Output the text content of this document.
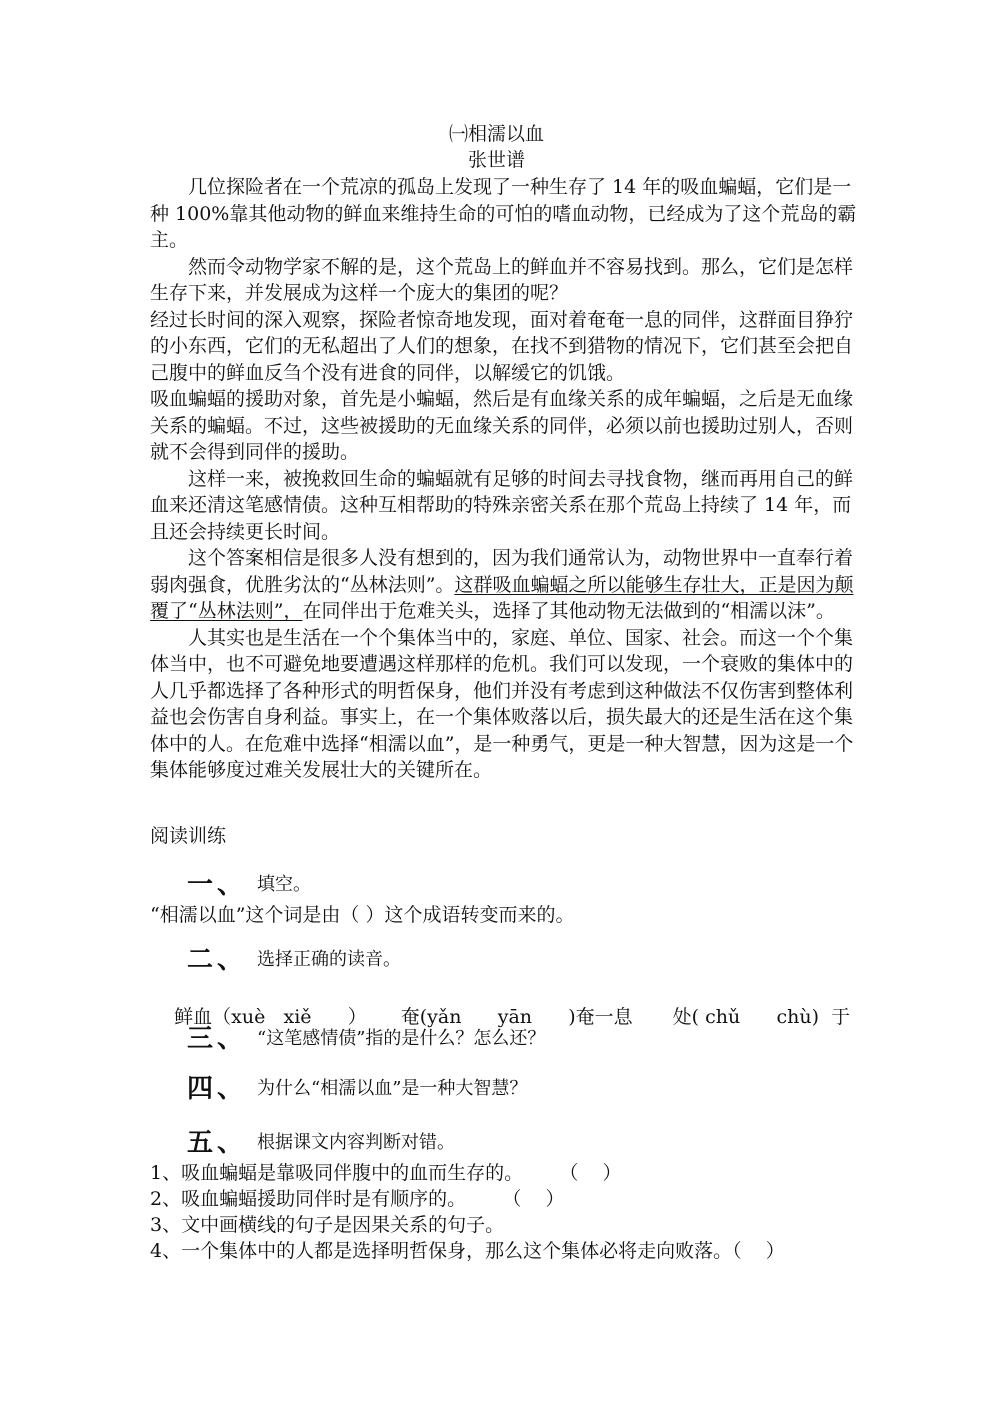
㈠相濡以血
张世谱

几位探险者在一个荒凉的孤岛上发现了一种生存了 14 年的吸血蝙蝠，它们是一种 100%靠其他动物的鲜血来维持生命的可怕的嗜血动物，已经成为了这个荒岛的霸主。

然而令动物学家不解的是，这个荒岛上的鲜血并不容易找到。那么，它们是怎样生存下来，并发展成为这样一个庞大的集团的呢？

经过长时间的深入观察，探险者惊奇地发现，面对着奄奄一息的同伴，这群面目狰狞的小东西，它们的无私超出了人们的想象，在找不到猎物的情况下，它们甚至会把自己腹中的鲜血反刍个没有进食的同伴，以解缓它的饥饿。

吸血蝙蝠的援助对象，首先是小蝙蝠，然后是有血缘关系的成年蝙蝠，之后是无血缘关系的蝙蝠。不过，这些被援助的无血缘关系的同伴，必须以前也援助过别人，否则就不会得到同伴的援助。

这样一来，被挽救回生命的蝙蝠就有足够的时间去寻找食物，继而再用自己的鲜血来还清这笔感情债。这种互相帮助的特殊亲密关系在那个荒岛上持续了 14 年，而且还会持续更长时间。

这个答案相信是很多人没有想到的，因为我们通常认为，动物世界中一直奉行着弱肉强食，优胜劣汰的“丛林法则”。这群吸血蝙蝠之所以能够生存壮大，正是因为颠覆了“丛林法则”，在同伴出于危难关头，选择了其他动物无法做到的“相濡以沫”。

人其实也是生活在一个个集体当中的，家庭、单位、国家、社会。而这一个个集体当中，也不可避免地要遭遇这样那样的危机。我们可以发现，一个衰败的集体中的人几乎都选择了各种形式的明哲保身，他们并没有考虑到这种做法不仅伤害到整体利益也会伤害自身利益。事实上，在一个集体败落以后，损失最大的还是生活在这个集体中的人。在危难中选择“相濡以血”，是一种勇气，更是一种大智慧，因为这是一个集体能够度过难关发展壮大的关键所在。

阅读训练
一、 填空。
“相濡以血”这个词是由（ ）这个成语转变而来的。
二、 选择正确的读音。

鲜血（xuè   xiě      ） 奄(yǎn      yān      )奄一息 处( chǔ      chù)  于

三、 “这笔感情债”指的是什么？怎么还？
四、 为什么“相濡以血”是一种大智慧？
五、 根据课文内容判断对错。
1、吸血蝙蝠是靠吸同伴腹中的血而生存的。      （    ）
2、吸血蝙蝠援助同伴时是有顺序的。      （    ）
3、文中画横线的句子是因果关系的句子。
4、一个集体中的人都是选择明哲保身，那么这个集体必将走向败落。（    ）
